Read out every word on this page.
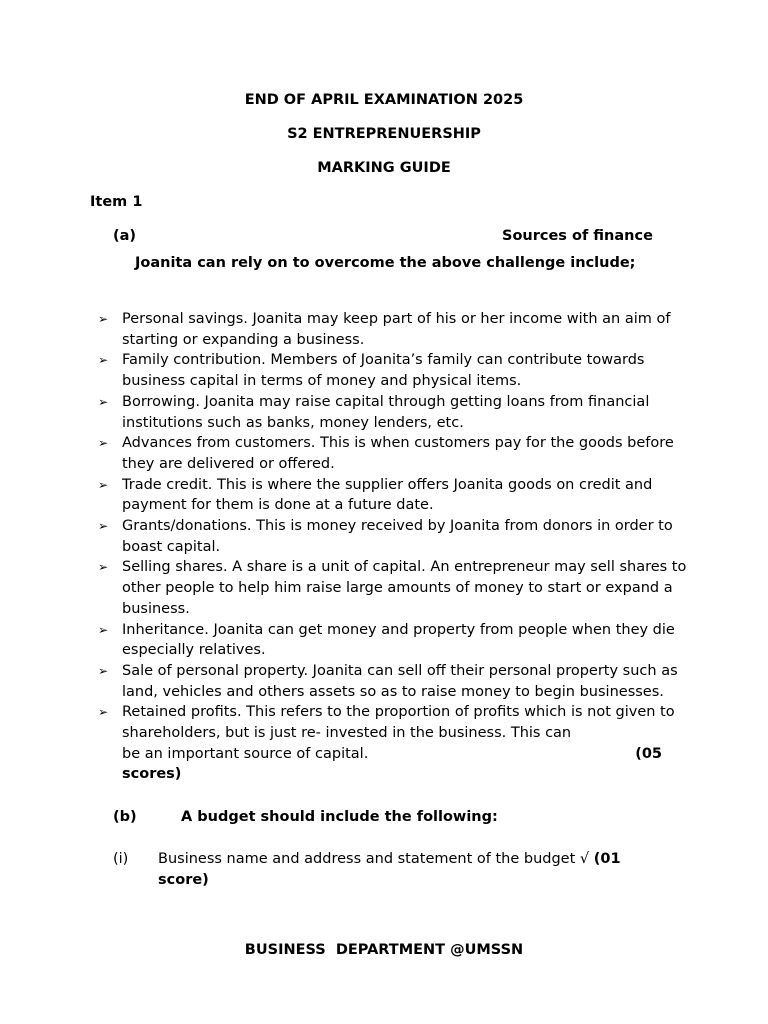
END OF APRIL EXAMINATION 2025
S2 ENTREPRENUERSHIP
MARKING GUIDE
Item 1
(a)	Sources of finance
Joanita can rely on to overcome the above challenge include;
➢ Personal savings. Joanita may keep part of his or her income with an aim of starting or expanding a business.
➢ Family contribution. Members of Joanita’s family can contribute towards business capital in terms of money and physical items.
➢ Borrowing. Joanita may raise capital through getting loans from financial institutions such as banks, money lenders, etc.
➢ Advances from customers. This is when customers pay for the goods before they are delivered or offered.
➢ Trade credit. This is where the supplier offers Joanita goods on credit and payment for them is done at a future date.
➢ Grants/donations. This is money received by Joanita from donors in order to boast capital.
➢ Selling shares. A share is a unit of capital. An entrepreneur may sell shares to other people to help him raise large amounts of money to start or expand a business.
➢ Inheritance. Joanita can get money and property from people when they die especially relatives.
➢ Sale of personal property. Joanita can sell off their personal property such as land, vehicles and others assets so as to raise money to begin businesses.
➢ Retained profits. This refers to the proportion of profits which is not given to shareholders, but is just re- invested in the business. This can
be an important source of capital.	(05
scores)
(b)	A budget should include the following:
(i) Business name and address and statement of the budget √ (01 score)
BUSINESS  DEPARTMENT @UMSSN
